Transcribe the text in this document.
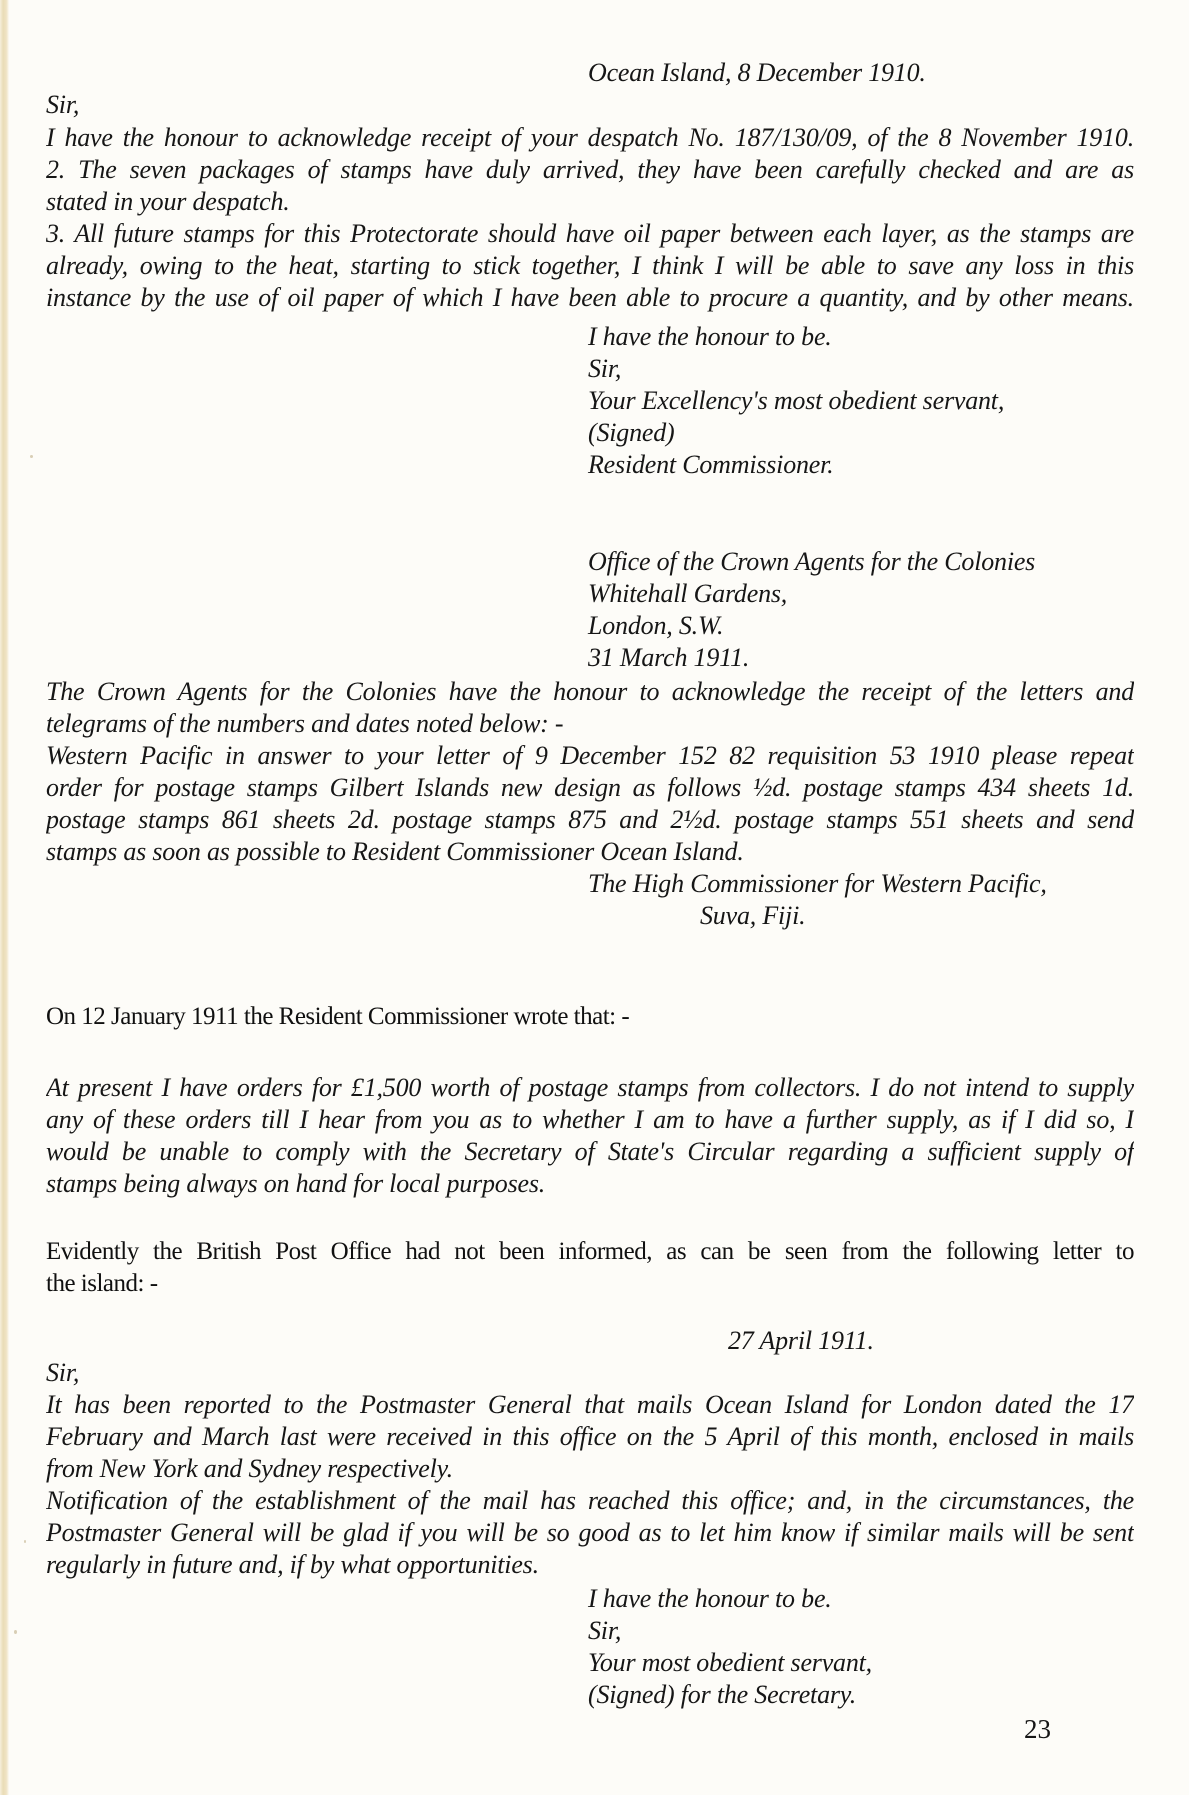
Ocean Island, 8 December 1910.
Sir,
I have the honour to acknowledge receipt of your despatch No. 187/130/09, of the 8 November 1910.
2. The seven packages of stamps have duly arrived, they have been carefully checked and are as
stated in your despatch.
3. All future stamps for this Protectorate should have oil paper between each layer, as the stamps are
already, owing to the heat, starting to stick together, I think I will be able to save any loss in this
instance by the use of oil paper of which I have been able to procure a quantity, and by other means.
I have the honour to be.
Sir,
Your Excellency's most obedient servant,
(Signed)
Resident Commissioner.
Office of the Crown Agents for the Colonies
Whitehall Gardens,
London, S.W.
31 March 1911.
The Crown Agents for the Colonies have the honour to acknowledge the receipt of the letters and
telegrams of the numbers and dates noted below: -
Western Pacific in answer to your letter of 9 December 152 82 requisition 53 1910 please repeat
order for postage stamps Gilbert Islands new design as follows ½d. postage stamps 434 sheets 1d.
postage stamps 861 sheets 2d. postage stamps 875 and 2½d. postage stamps 551 sheets and send
stamps as soon as possible to Resident Commissioner Ocean Island.
The High Commissioner for Western Pacific,
Suva, Fiji.
On 12 January 1911 the Resident Commissioner wrote that: -
At present I have orders for £1,500 worth of postage stamps from collectors. I do not intend to supply
any of these orders till I hear from you as to whether I am to have a further supply, as if I did so, I
would be unable to comply with the Secretary of State's Circular regarding a sufficient supply of
stamps being always on hand for local purposes.
Evidently the British Post Office had not been informed, as can be seen from the following letter to
the island: -
27 April 1911.
Sir,
It has been reported to the Postmaster General that mails Ocean Island for London dated the 17
February and March last were received in this office on the 5 April of this month, enclosed in mails
from New York and Sydney respectively.
Notification of the establishment of the mail has reached this office; and, in the circumstances, the
Postmaster General will be glad if you will be so good as to let him know if similar mails will be sent
regularly in future and, if by what opportunities.
I have the honour to be.
Sir,
Your most obedient servant,
(Signed) for the Secretary.
23
